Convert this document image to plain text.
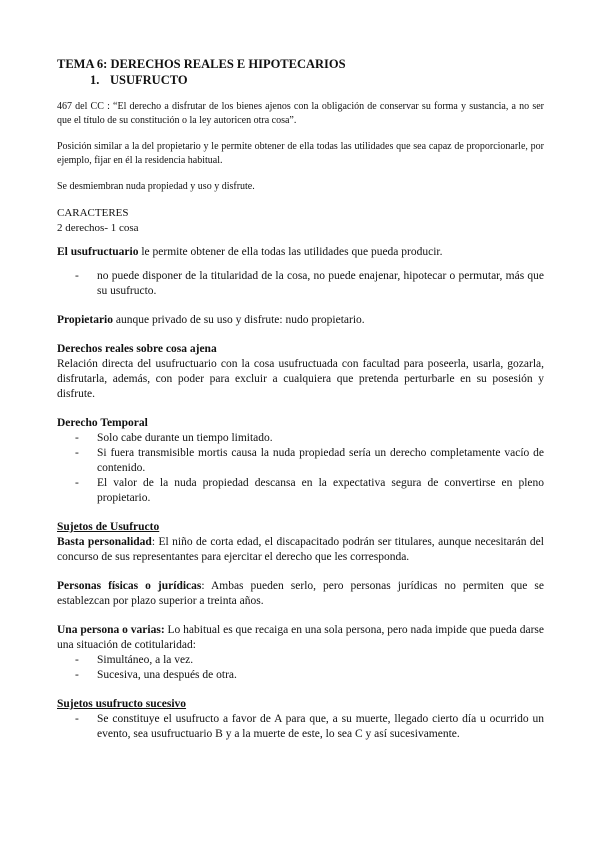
TEMA 6: DERECHOS REALES E HIPOTECARIOS

1. USUFRUCTO

467 del CC : “El derecho a disfrutar de los bienes ajenos con la obligación de conservar su forma y sustancia, a no ser que el título de su constitución o la ley autoricen otra cosa”.

Posición similar a la del propietario y le permite obtener de ella todas las utilidades que sea capaz de proporcionarle, por ejemplo, fijar en él la residencia habitual.

Se desmiembran nuda propiedad y uso y disfrute.

CARACTERES

2 derechos- 1 cosa

El usufructuario le permite obtener de ella todas las utilidades que pueda producir.

- no puede disponer de la titularidad de la cosa, no puede enajenar, hipotecar o permutar, más que su usufructo.

Propietario aunque privado de su uso y disfrute: nudo propietario.

Derechos reales sobre cosa ajena

Relación directa del usufructuario con la cosa usufructuada con facultad para poseerla, usarla, gozarla, disfrutarla, además, con poder para excluir a cualquiera que pretenda perturbarle en su posesión y disfrute.

Derecho Temporal

- Solo cabe durante un tiempo limitado.
- Si fuera transmisible mortis causa la nuda propiedad sería un derecho completamente vacío de contenido.
- El valor de la nuda propiedad descansa en la expectativa segura de convertirse en pleno propietario.

Sujetos de Usufructo

Basta personalidad: El niño de corta edad, el discapacitado podrán ser titulares, aunque necesitarán del concurso de sus representantes para ejercitar el derecho que les corresponda.

Personas físicas o jurídicas: Ambas pueden serlo, pero personas jurídicas no permiten que se establezcan por plazo superior a treinta años.

Una persona o varias: Lo habitual es que recaiga en una sola persona, pero nada impide que pueda darse una situación de cotitularidad:

- Simultáneo, a la vez.
- Sucesiva, una después de otra.

Sujetos usufructo sucesivo

- Se constituye el usufructo a favor de A para que, a su muerte, llegado cierto día u ocurrido un evento, sea usufructuario B y a la muerte de este, lo sea C y así sucesivamente.
